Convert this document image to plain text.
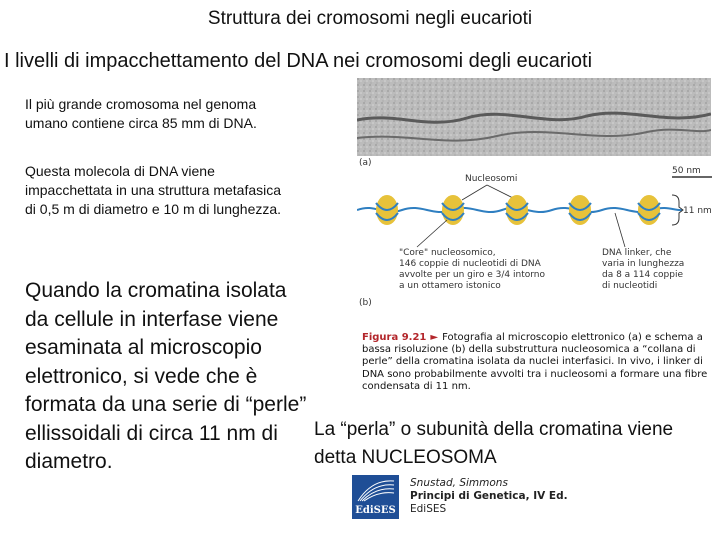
Struttura dei cromosomi negli eucarioti
I livelli di impacchettamento del DNA nei cromosomi degli eucarioti
Il più grande cromosoma nel genoma umano contiene circa 85 mm di DNA.
Questa molecola di DNA viene impacchettata in una struttura metafasica di 0,5 m di diametro e 10 m di lunghezza.
Quando la cromatina isolata da cellule in interfase viene esaminata al microscopio elettronico, si vede che è formata da una serie di “perle” ellissoidali di circa 11 nm di diametro.
La “perla” o subunità della cromatina viene detta NUCLEOSOMA
(a)
50 nm
Nucleosomi
11 nm
"Core" nucleosomico, 146 coppie di nucleotidi di DNA avvolte per un giro e 3/4 intorno a un ottamero istonico
DNA linker, che varia in lunghezza da 8 a 114 coppie di nucleotidi
(b)
Figura 9.21 ► Fotografia al microscopio elettronico (a) e schema a bassa risoluzione (b) della substruttura nucleosomica a “collana di perle” della cromatina isolata da nuclei interfasici. In vivo, i linker di DNA sono probabilmente avvolti tra i nucleosomi a formare una fibre condensata di 11 nm.
EdiSES
Snustad, Simmons
Principi di Genetica, IV Ed.
EdiSES
